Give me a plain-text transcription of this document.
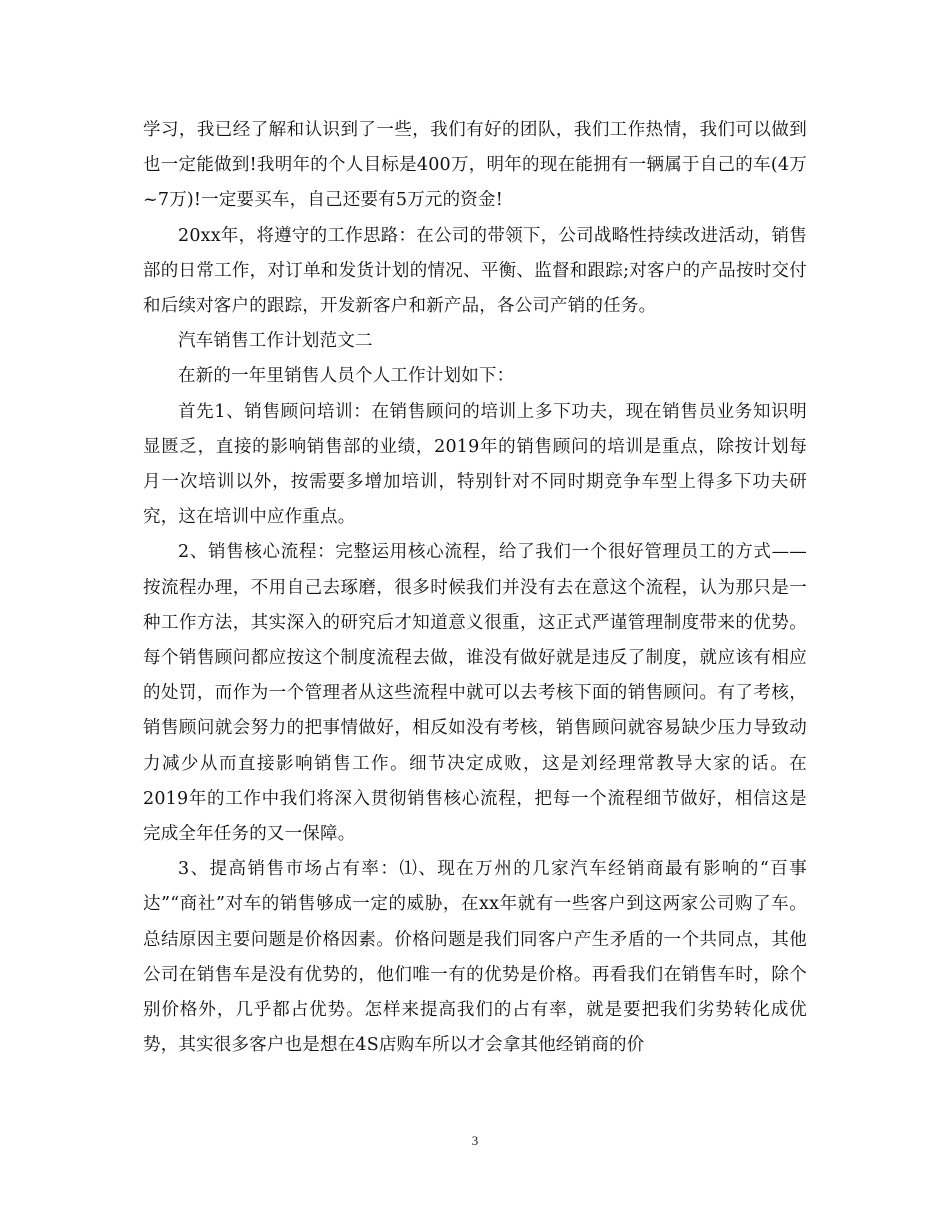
学习，我已经了解和认识到了一些，我们有好的团队，我们工作热情，我们可以做到也一定能做到!我明年的个人目标是400万，明年的现在能拥有一辆属于自己的车(4万~7万)!一定要买车，自己还要有5万元的资金!

20xx年，将遵守的工作思路：在公司的带领下，公司战略性持续改进活动，销售部的日常工作，对订单和发货计划的情况、平衡、监督和跟踪;对客户的产品按时交付和后续对客户的跟踪，开发新客户和新产品，各公司产销的任务。

汽车销售工作计划范文二

在新的一年里销售人员个人工作计划如下：

首先1、销售顾问培训：在销售顾问的培训上多下功夫，现在销售员业务知识明显匮乏，直接的影响销售部的业绩，2019年的销售顾问的培训是重点，除按计划每月一次培训以外，按需要多增加培训，特别针对不同时期竞争车型上得多下功夫研究，这在培训中应作重点。

2、销售核心流程：完整运用核心流程，给了我们一个很好管理员工的方式——按流程办理，不用自己去琢磨，很多时候我们并没有去在意这个流程，认为那只是一种工作方法，其实深入的研究后才知道意义很重，这正式严谨管理制度带来的优势。每个销售顾问都应按这个制度流程去做，谁没有做好就是违反了制度，就应该有相应的处罚，而作为一个管理者从这些流程中就可以去考核下面的销售顾问。有了考核，销售顾问就会努力的把事情做好，相反如没有考核，销售顾问就容易缺少压力导致动力减少从而直接影响销售工作。细节决定成败，这是刘经理常教导大家的话。在2019年的工作中我们将深入贯彻销售核心流程，把每一个流程细节做好，相信这是完成全年任务的又一保障。

3、提高销售市场占有率：⑴、现在万州的几家汽车经销商最有影响的“百事达”“商社”对车的销售够成一定的威胁，在xx年就有一些客户到这两家公司购了车。总结原因主要问题是价格因素。价格问题是我们同客户产生矛盾的一个共同点，其他公司在销售车是没有优势的，他们唯一有的优势是价格。再看我们在销售车时，除个别价格外，几乎都占优势。怎样来提高我们的占有率，就是要把我们劣势转化成优势，其实很多客户也是想在4S店购车所以才会拿其他经销商的价

3
